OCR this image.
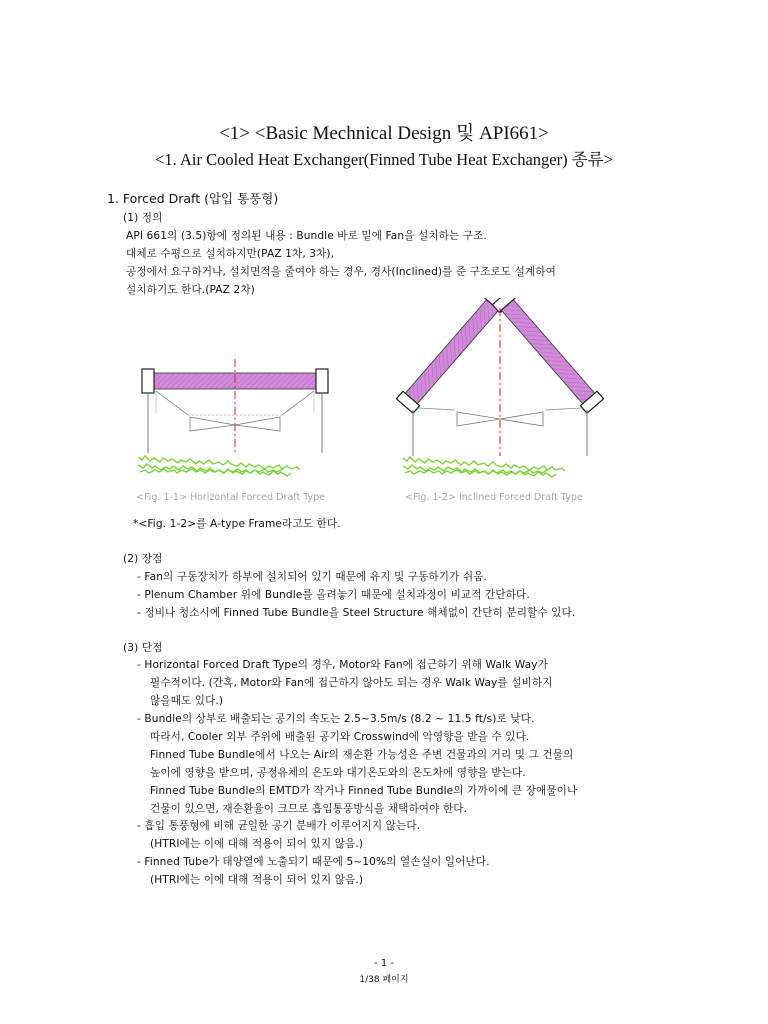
<1> <Basic Mechnical Design 및 API661>
<1. Air Cooled Heat Exchanger(Finned Tube Heat Exchanger) 종류>
1. Forced Draft (압입 통풍형)
(1) 정의
API 661의 (3.5)항에 정의된 내용 : Bundle 바로 밑에 Fan을 설치하는 구조.
대체로 수평으로 설치하지만(PAZ 1차, 3차),
공정에서 요구하거나, 설치면적을 줄여야 하는 경우, 경사(Inclined)를 준 구조로도 설계하여
설치하기도 한다.(PAZ 2차)
<Fig. 1-1> Horizontal Forced Draft Type	<Fig. 1-2> Inclined Forced Draft Type
*<Fig. 1-2>를 A-type Frame라고도 한다.
(2) 장점
- Fan의 구동장치가 하부에 설치되어 있기 때문에 유지 및 구동하기가 쉬움.
- Plenum Chamber 위에 Bundle를 올려놓기 때문에 설치과정이 비교적 간단하다.
- 정비나 청소시에 Finned Tube Bundle을 Steel Structure 해체없이 간단히 분리할수 있다.
(3) 단점
- Horizontal Forced Draft Type의 경우, Motor와 Fan에 접근하기 위해 Walk Way가
필수적이다. (간혹, Motor와 Fan에 접근하지 않아도 되는 경우 Walk Way를 설비하지
않을때도 있다.)
- Bundle의 상부로 배출되는 공기의 속도는 2.5~3.5m/s (8.2 ~ 11.5 ft/s)로 낮다.
따라서, Cooler 외부 주위에 배출된 공기와 Crosswind에 악영향을 받을 수 있다.
Finned Tube Bundle에서 나오는 Air의 재순환 가능성은 주변 건물과의 거리 및 그 건물의
높이에 영향을 받으며, 공정유체의 온도와 대기온도와의 온도차에 영향을 받는다.
Finned Tube Bundle의 EMTD가 작거나 Finned Tube Bundle의 가까이에 큰 장애물이나
건물이 있으면, 재순환율이 크므로 흡입통풍방식을 채택하여야 한다.
- 흡입 통풍형에 비해 균일한 공기 분배가 이루어지지 않는다.
(HTRI에는 이에 대해 적용이 되어 있지 않음.)
- Finned Tube가 태양열에 노출되기 때문에 5~10%의 열손실이 일어난다.
(HTRI에는 이에 대해 적용이 되어 있지 않음.)
- 1 -
1/38 페이지
